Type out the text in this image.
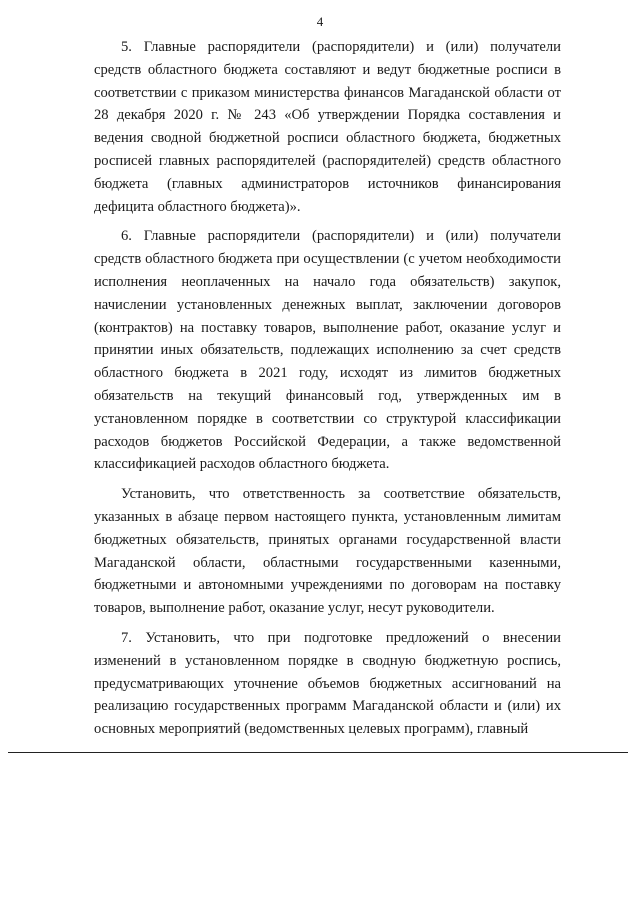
4

5. Главные распорядители (распорядители) и (или) получатели средств областного бюджета составляют и ведут бюджетные росписи в соответствии с приказом министерства финансов Магаданской области от 28 декабря 2020 г. № 243 «Об утверждении Порядка составления и ведения сводной бюджетной росписи областного бюджета, бюджетных росписей главных распорядителей (распорядителей) средств областного бюджета (главных администраторов источников финансирования дефицита областного бюджета)».

6. Главные распорядители (распорядители) и (или) получатели средств областного бюджета при осуществлении (с учетом необходимости исполнения неоплаченных на начало года обязательств) закупок, начислении установленных денежных выплат, заключении договоров (контрактов) на поставку товаров, выполнение работ, оказание услуг и принятии иных обязательств, подлежащих исполнению за счет средств областного бюджета в 2021 году, исходят из лимитов бюджетных обязательств на текущий финансовый год, утвержденных им в установленном порядке в соответствии со структурой классификации расходов бюджетов Российской Федерации, а также ведомственной классификацией расходов областного бюджета.

Установить, что ответственность за соответствие обязательств, указанных в абзаце первом настоящего пункта, установленным лимитам бюджетных обязательств, принятых органами государственной власти Магаданской области, областными государственными казенными, бюджетными и автономными учреждениями по договорам на поставку товаров, выполнение работ, оказание услуг, несут руководители.

7. Установить, что при подготовке предложений о внесении изменений в установленном порядке в сводную бюджетную роспись, предусматривающих уточнение объемов бюджетных ассигнований на реализацию государственных программ Магаданской области и (или) их основных мероприятий (ведомственных целевых программ), главный
